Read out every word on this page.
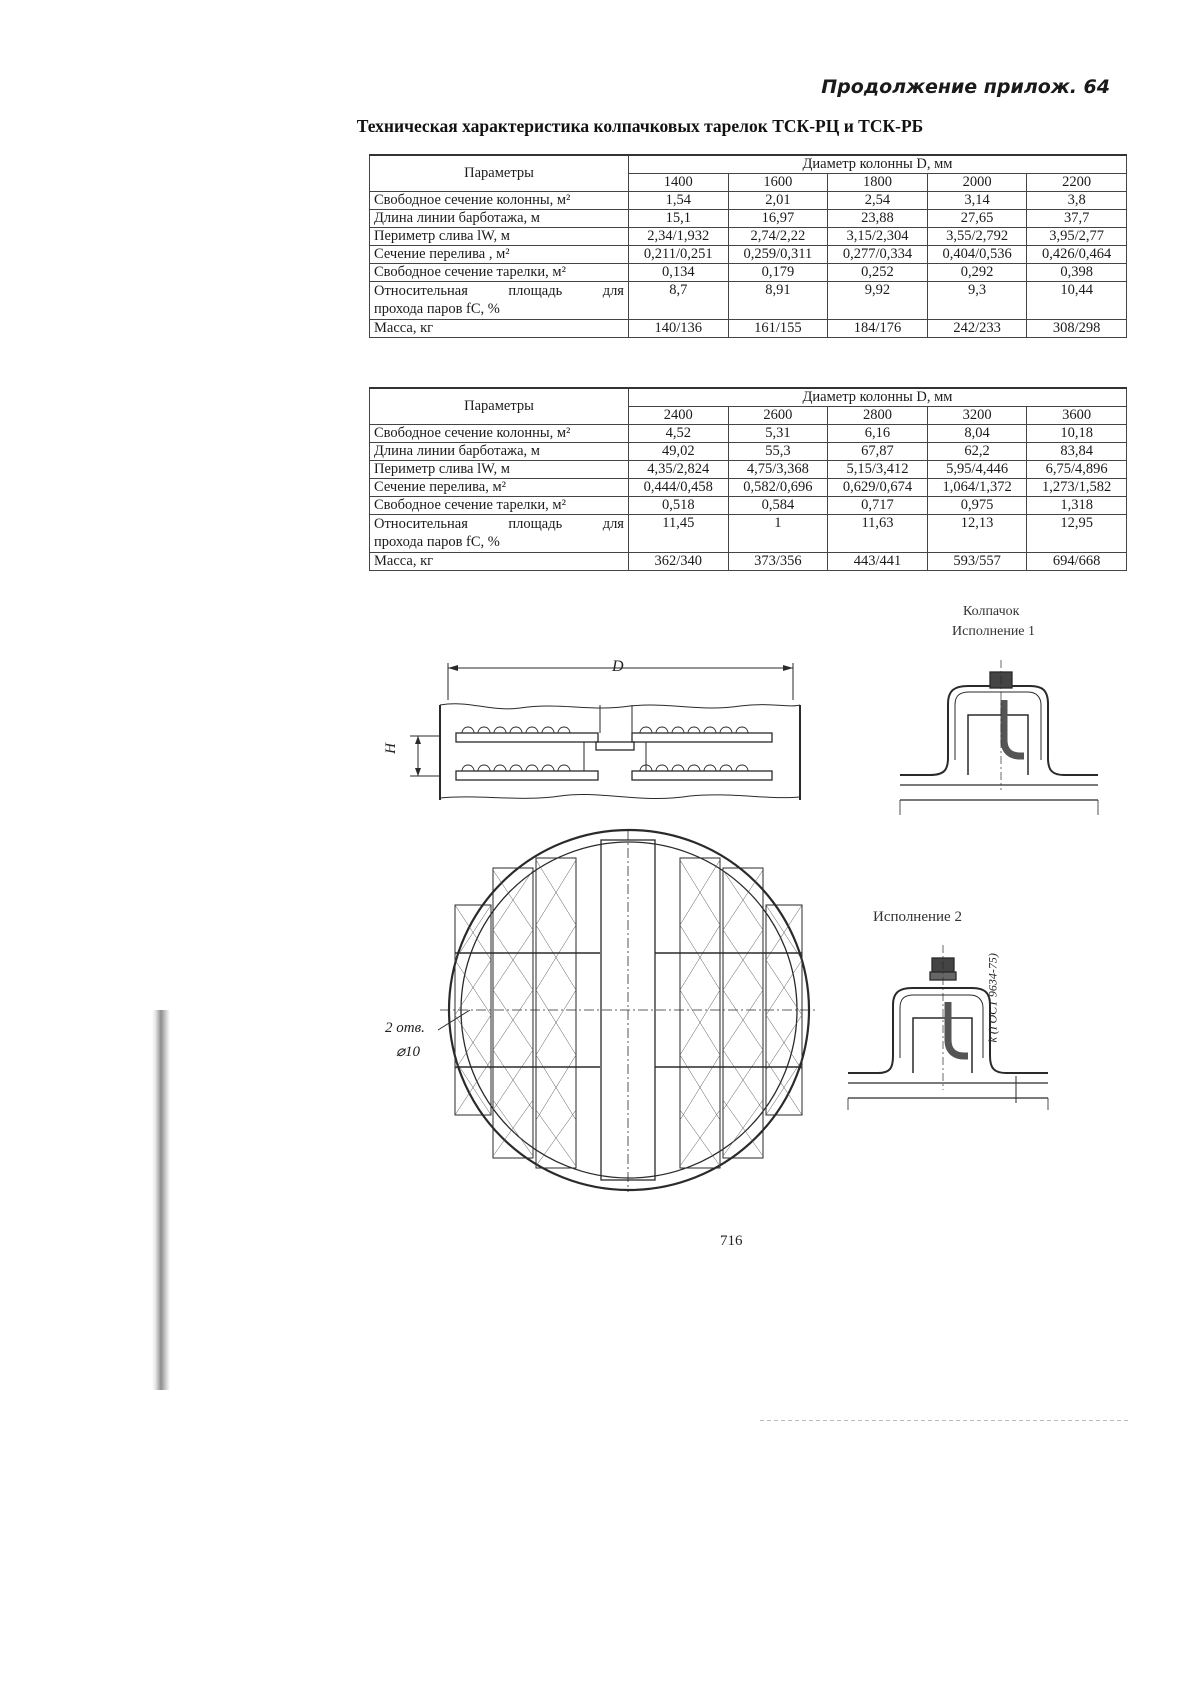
Продолжение прилож. 64
Техническая характеристика колпачковых тарелок ТСК-РЦ и ТСК-РБ
Параметры	Диаметр колонны D, мм				
	1400	1600	1800	2000	2200
Свободное сечение колонны, м²	1,54	2,01	2,54	3,14	3,8
Длина линии барботажа, м	15,1	16,97	23,88	27,65	37,7
Периметр слива lW, м	2,34/1,932	2,74/2,22	3,15/2,304	3,55/2,792	3,95/2,77
Сечение перелива , м²	0,211/0,251	0,259/0,311	0,277/0,334	0,404/0,536	0,426/0,464
Свободное сечение тарелки, м²	0,134	0,179	0,252	0,292	0,398

Относительная площадь для
прохода паров fC, %	8,7	8,91	9,92	9,3	10,44
Масса, кг	140/136	161/155	184/176	242/233	308/298
Параметры	Диаметр колонны D, мм				
	2400	2600	2800	3200	3600
Свободное сечение колонны, м²	4,52	5,31	6,16	8,04	10,18
Длина линии барботажа, м	49,02	55,3	67,87	62,2	83,84
Периметр слива lW, м	4,35/2,824	4,75/3,368	5,15/3,412	5,95/4,446	6,75/4,896
Сечение перелива, м²	0,444/0,458	0,582/0,696	0,629/0,674	1,064/1,372	1,273/1,582
Свободное сечение тарелки, м²	0,518	0,584	0,717	0,975	1,318

Относительная площадь для
прохода паров fC, %	11,45	1	11,63	12,13	12,95
Масса, кг	362/340	373/356	443/441	593/557	694/668
Колпачок
Исполнение 1
Исполнение 2
D
H
2 отв.
⌀10
k (ГОСТ 9634-75)
716
